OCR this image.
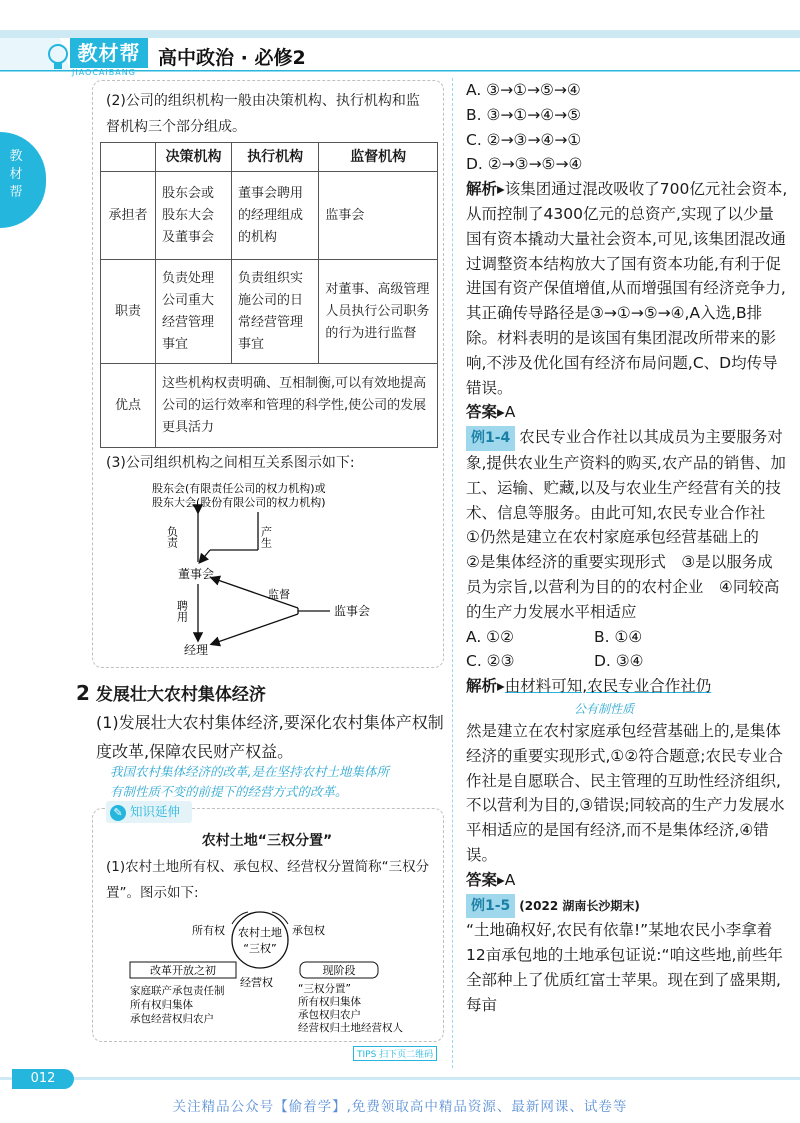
教材帮
JIAOCAIBANG
高中政治 · 必修2
教材帮
(2)公司的组织机构一般由决策机构、执行机构和监督机构三个部分组成。
	决策机构	执行机构	监督机构
承担者	股东会或股东大会及董事会	董事会聘用的经理组成的机构	监事会
职责	负责处理公司重大经营管理事宜	负责组织实施公司的日常经营管理事宜	对董事、高级管理人员执行公司职务的行为进行监督
优点	这些机构权责明确、互相制衡,可以有效地提高公司的运行效率和管理的科学性,使公司的发展更具活力		
(3)公司组织机构之间相互关系图示如下:
股东会(有限责任公司的权力机构)或
股东大会(股份有限公司的权力机构)
负责	产生
董事会
聘用
监督
监事会
经理
2 发展壮大农村集体经济
(1)发展壮大农村集体经济,要深化农村集体产权制度改革,保障农民财产权益。
我国农村集体经济的改革,是在坚持农村土地集体所
有制性质不变的前提下的经营方式的改革。
✎ 知识延伸
农村土地“三权分置”
(1)农村土地所有权、承包权、经营权分置简称“三权分置”。图示如下:
农村土地
“三权”
所有权	承包权
经营权
改革开放之初
家庭联产承包责任制
所有权归集体
承包经营权归农户
现阶段
“三权分置”
所有权归集体
承包权归农户
经营权归土地经营权人
A. ③→①→⑤→④
B. ③→①→④→⑤
C. ②→③→④→①
D. ②→③→⑤→④
解析▸该集团通过混改吸收了700亿元社会资本,从而控制了4300亿元的总资产,实现了以少量国有资本撬动大量社会资本,可见,该集团混改通过调整资本结构放大了国有资本功能,有利于促进国有资产保值增值,从而增强国有经济竞争力,其正确传导路径是③→①→⑤→④,A入选,B排除。材料表明的是该国有集团混改所带来的影响,不涉及优化国有经济布局问题,C、D均传导错误。
答案▸A
例1-4 农民专业合作社以其成员为主要服务对象,提供农业生产资料的购买,农产品的销售、加工、运输、贮藏,以及与农业生产经营有关的技术、信息等服务。由此可知,农民专业合作社
①仍然是建立在农村家庭承包经营基础上的　②是集体经济的重要实现形式　③是以服务成员为宗旨,以营利为目的的农村企业　④同较高的生产力发展水平相适应
A. ①②	B. ①④
C. ②③	D. ③④
解析▸由材料可知,农民专业合作社仍
公有制性质
然是建立在农村家庭承包经营基础上的,是集体经济的重要实现形式,①②符合题意;农民专业合作社是自愿联合、民主管理的互助性经济组织,不以营利为目的,③错误;同较高的生产力发展水平相适应的是国有经济,而不是集体经济,④错误。
答案▸A
例1-5 (2022 湖南长沙期末)
“土地确权好,农民有依靠!”某地农民小李拿着12亩承包地的土地承包证说:“咱这些地,前些年全部种上了优质红富士苹果。现在到了盛果期,每亩
012
TIPS 扫下页二维码
关注精品公众号【偷着学】,免费领取高中精品资源、最新网课、试卷等
